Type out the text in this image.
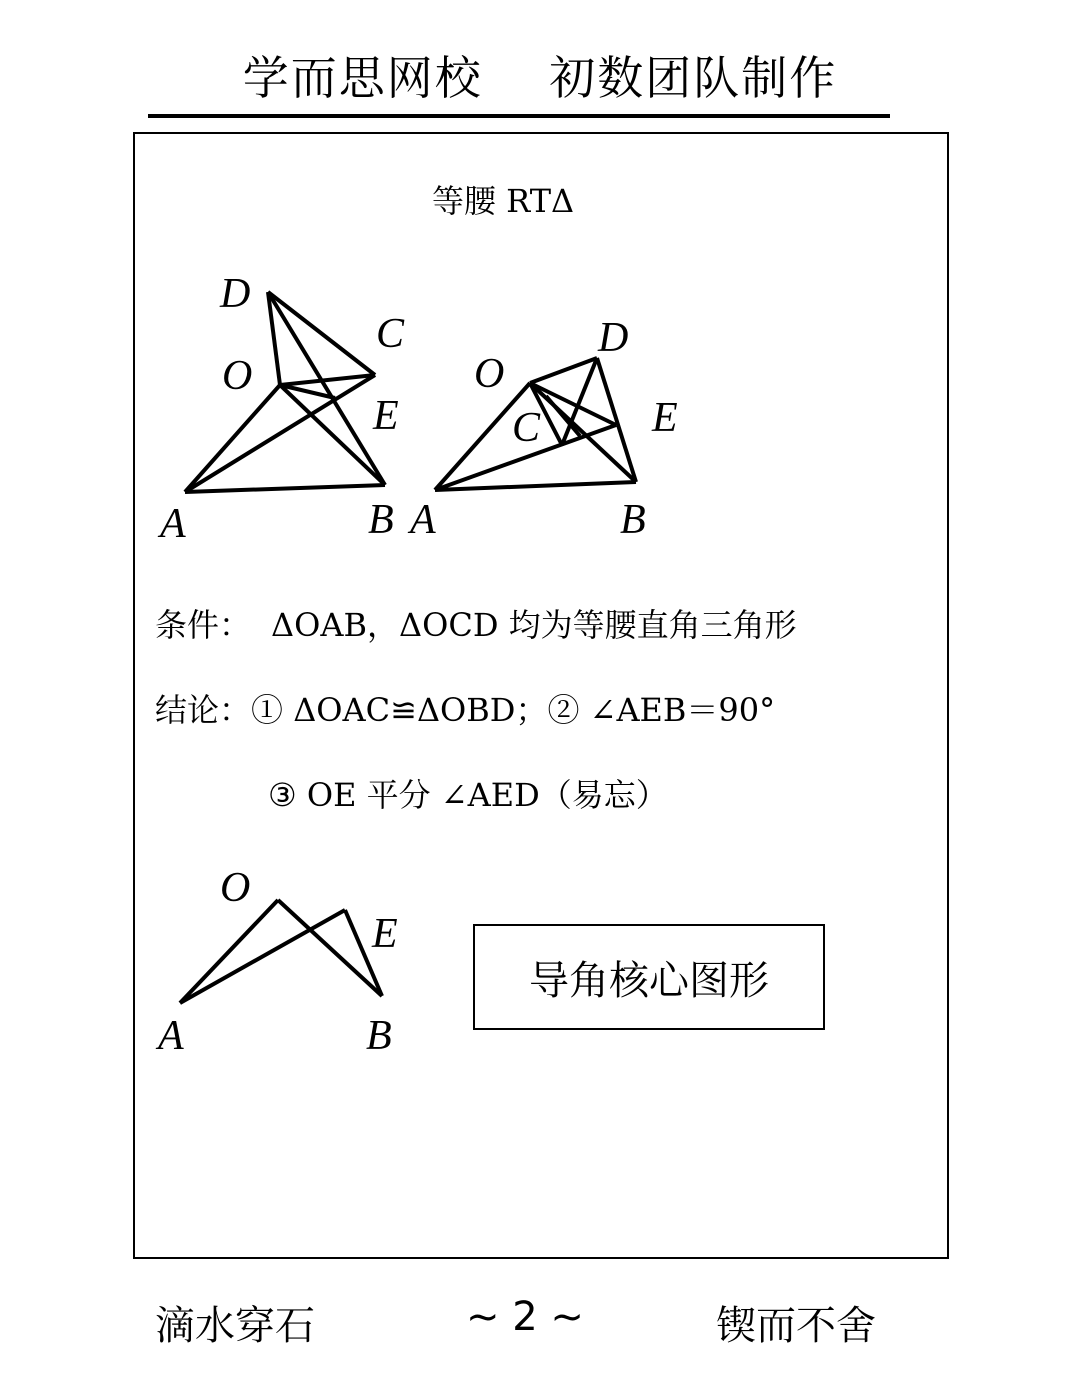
学而思网校    初数团队制作
等腰 RTΔ
D
C
O
E
A	B
D
O
E
C
A	B
条件： ΔOAB，ΔOCD 均为等腰直角三角形
结论：① ΔOAC≌ΔOBD；② ∠AEB＝90°
③ OE 平分 ∠AED（易忘）
O
E
A	B
导角核心图形
滴水穿石	~ 2 ~	锲而不舍
